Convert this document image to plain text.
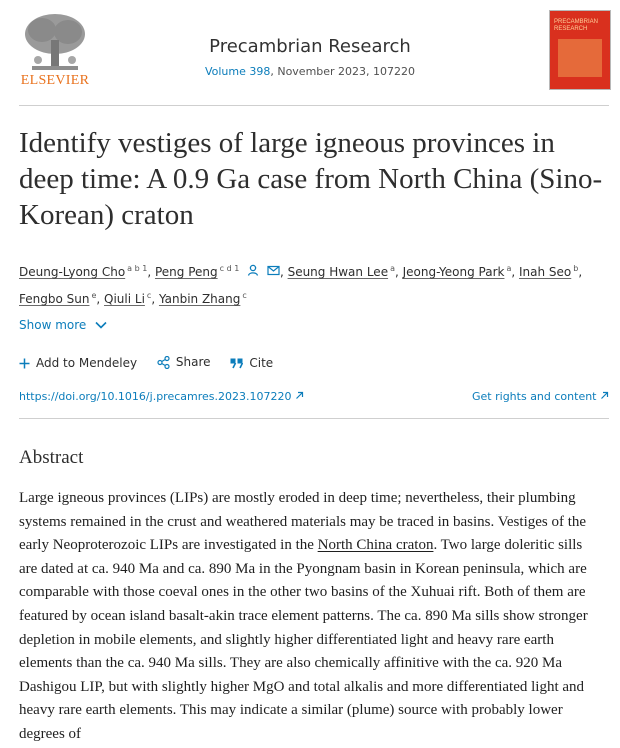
ELSEVIER
Precambrian Research
Volume 398, November 2023, 107220
PRECAMBRIAN RESEARCH
Identify vestiges of large igneous provinces in deep time: A 0.9 Ga case from North China (Sino-Korean) craton
Deung-Lyong Cho $^{a b 1}$, Peng Peng $^{c d 1}$	, Seung Hwan Lee $^a$, Jeong-Yeong Park $^a$, Inah Seo $^b$, Fengbo Sun $^e$, Qiuli Li $^c$, Yanbin Zhang $^c$
Show more
Add to Mendeley
	Share
	Cite
https://doi.org/10.1016/j.precamres.2023.107220	Get rights and content
Abstract

Large igneous provinces (LIPs) are mostly eroded in deep time; nevertheless, their plumbing systems remained in the crust and weathered materials may be traced in basins. Vestiges of the early Neoproterozoic LIPs are investigated in the North China craton. Two large doleritic sills are dated at ca. 940 Ma and ca. 890 Ma in the Pyongnam basin in Korean peninsula, which are comparable with those coeval ones in the other two basins of the Xuhuai rift. Both of them are featured by ocean island basalt-akin trace element patterns. The ca. 890 Ma sills show stronger depletion in mobile elements, and slightly higher differentiated light and heavy rare earth elements than the ca. 940 Ma sills. They are also chemically affinitive with the ca. 920 Ma Dashigou LIP, but with slightly higher MgO and total alkalis and more differentiated light and heavy rare earth elements. This may indicate a similar (plume) source with probably lower degrees of
